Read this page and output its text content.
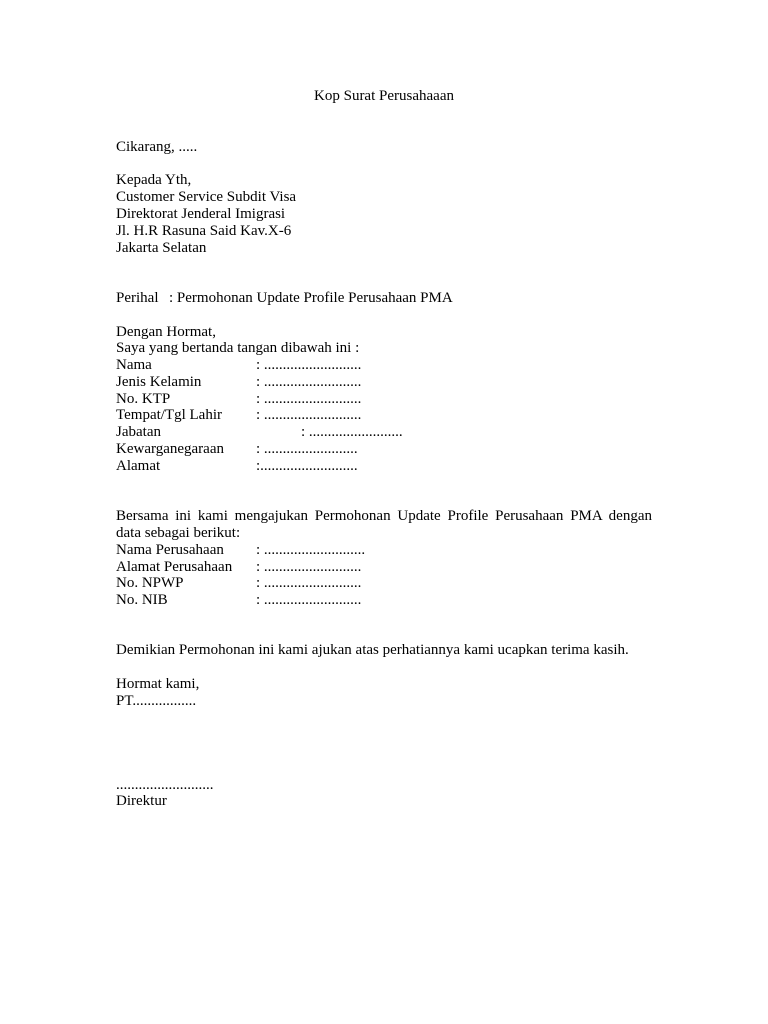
Kop Surat Perusahaaan
Cikarang, .....
Kepada Yth,
Customer Service Subdit Visa
Direktorat Jenderal Imigrasi
Jl. H.R Rasuna Said Kav.X-6
Jakarta Selatan
Perihal : Permohonan Update Profile Perusahaan PMA
Dengan Hormat,
Saya yang bertanda tangan dibawah ini :
Nama	: ..........................
Jenis Kelamin	: ..........................
No. KTP	: ..........................
Tempat/Tgl Lahir : ..........................
Jabatan	: .........................
Kewarganegaraan : .........................
Alamat	:..........................
Bersama ini kami mengajukan Permohonan Update Profile Perusahaan PMA dengan data sebagai berikut:
Nama Perusahaan : ...........................
Alamat Perusahaan : ..........................
No. NPWP	: ..........................
No. NIB	: ..........................
Demikian Permohonan ini kami ajukan atas perhatiannya kami ucapkan terima kasih.
Hormat kami,
PT.................
..........................
Direktur
